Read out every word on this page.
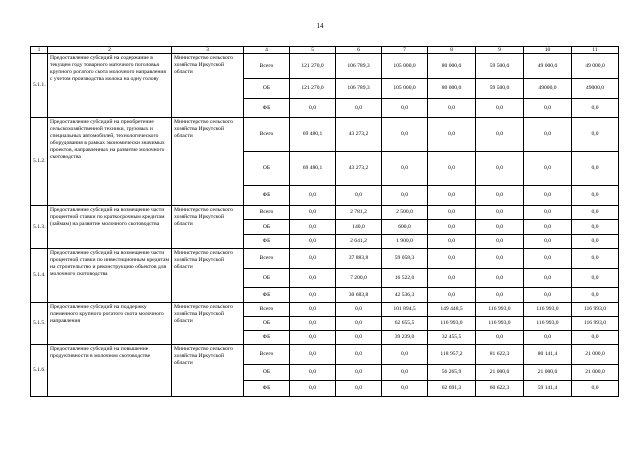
14
1	2	3	4	5	6	7	8	9	10	11
5.1.1.	Предоставление субсидий на содержание в текущем году товарного маточного поголовья крупного рогатого скота молочного направления с учетом производства молока на одну голову	Министерство сельского хозяйства Иркутской области	Всего	121 270,0	106 789,3	105 000,0	80 000,0	59 500,0	49 000,0	49 000,0
			ОБ	121 270,0	106 789,3	105 000,0	80 000,0	59 500,0	49000,0	49000,0
			ФБ	0,0	0,0	0,0	0,0	0,0	0,0	0,0
5.1.2.	Предоставление субсидий на приобретение сельскохозяйственной техники, грузовых и специальных автомобилей, технологического оборудования в рамках экономически значимых проектов, направленных на развитие молочного скотоводства	Министерство сельского хозяйства Иркутской области	Всего	69 480,1	43 273,2	0,0	0,0	0,0	0,0	0,0
			ОБ	69 480,1	43 273,2	0,0	0,0	0,0	0,0	0,0
			ФБ	0,0	0,0	0,0	0,0	0,0	0,0	0,0
5.1.3.	Предоставление субсидий на возмещение части процентной ставки по краткосрочным кредитам (займам) на развитие молочного скотоводства	Министерство сельского хозяйства Иркутской области	Всего	0,0	2 781,2	2 500,0	0,0	0,0	0,0	0,0
			ОБ	0,0	140,0	600,0	0,0	0,0	0,0	0,0
			ФБ	0,0	2 641,2	1 900,0	0,0	0,0	0,0	0,0
5.1.4.	Предоставление субсидий на возмещение части процентной ставки по инвестиционным кредитам на строительство и реконструкцию объектов для молочного скотоводства	Министерство сельского хозяйства Иркутской области	Всего	0,0	37 883,8	59 058,3	0,0	0,0	0,0	0,0
			ОБ	0,0	7 200,0	16 522,0	0,0	0,0	0,0	0,0
			ФБ	0,0	30 683,8	42 536,3	0,0	0,0	0,0	0,0
5.1.5.	Предоставление субсидий на поддержку племенного крупного рогатого скота молочного направления	Министерство сельского хозяйства Иркутской области	Всего	0,0	0,0	101 894,5	149 448,5	116 993,0	116 993,0	116 993,0
			ОБ	0,0	0,0	62 655,5	116 993,0	116 993,0	116 993,0	116 993,0
			ФБ	0,0	0,0	39 239,0	32 455,5	0,0	0,0	0,0
5.1.6.	Предоставление субсидий на повышение продуктивности в молочном скотоводстве	Министерство сельского хозяйства Иркутской области	Всего	0,0	0,0	0,0	118 957,2	81 622,3	80 141,4	21 000,0
			ОБ	0,0	0,0	0,0	56 265,9	21 000,0	21 000,0	21 000,0
			ФБ	0,0	0,0	0,0	62 691,3	60 622,3	59 141,4	0,0
